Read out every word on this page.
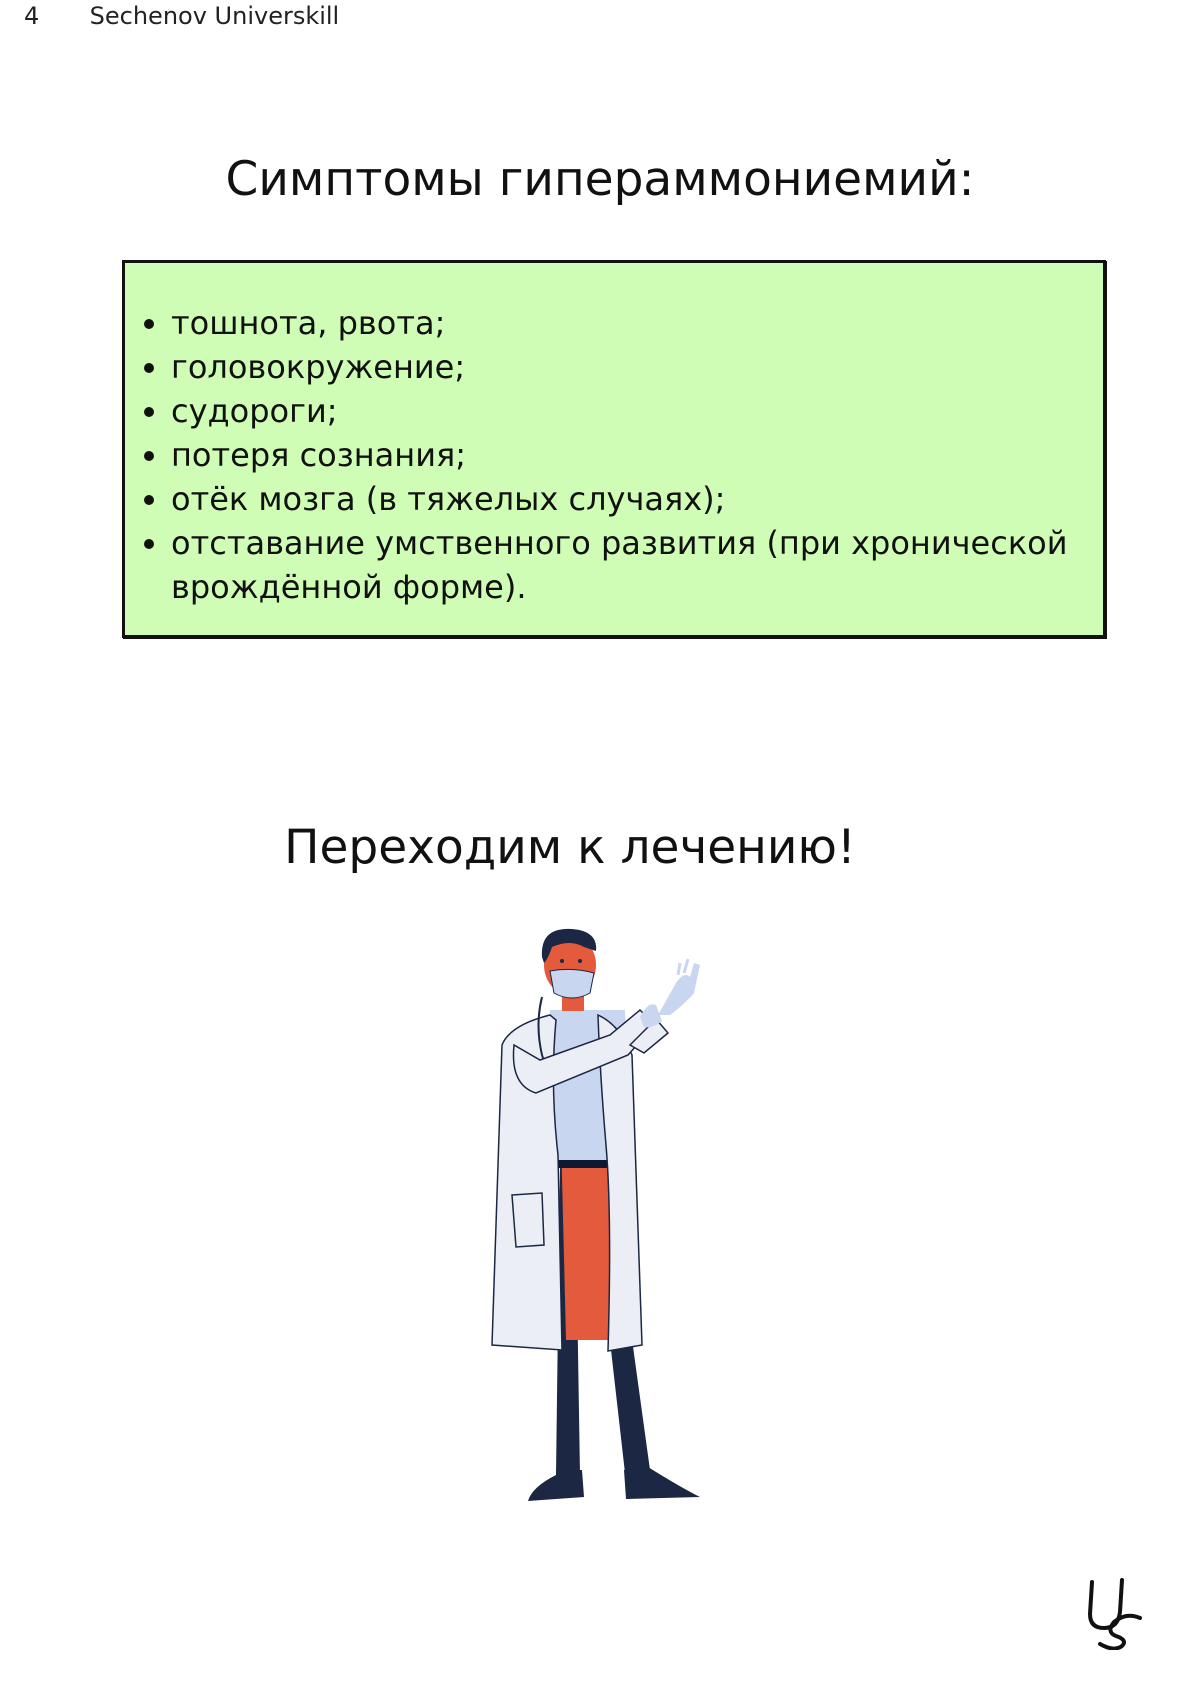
4 Sechenov Universkill
Симптомы гипераммониемий:
• тошнота, рвота;
• головокружение;
• судороги;
• потеря сознания;
• отёк мозга (в тяжелых случаях);
• отставание умственного развития (при хронической врождённой форме).
Переходим к лечению!
